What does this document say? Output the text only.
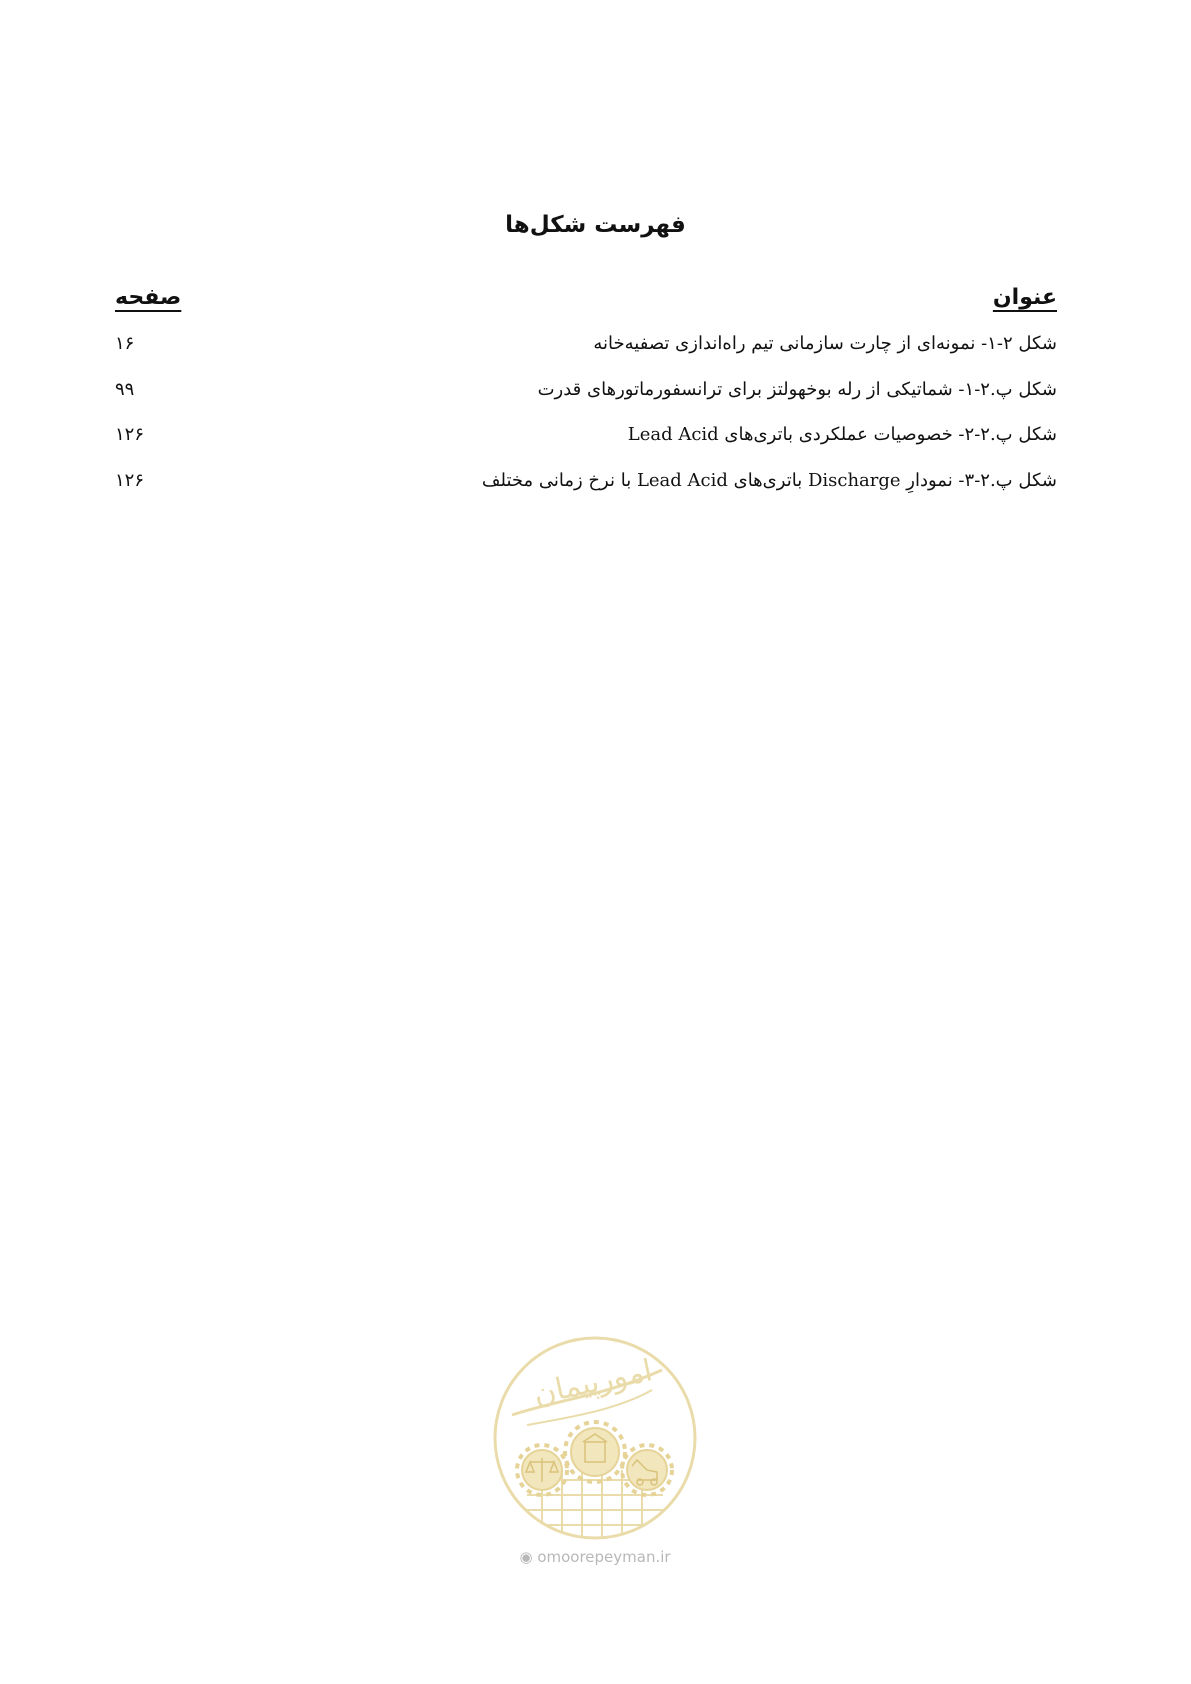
فهرست شکل‌ها
عنوان
صفحه
شکل ۲-۱- نمونه‌ای از چارت سازمانی تیم راه‌اندازی تصفیه‌خانه
۱۶
شکل پ.۲-۱- شماتیکی از رله بوخهولتز برای ترانسفورماتورهای قدرت
۹۹
شکل پ.۲-۲- خصوصیات عملکردی باتری‌های Lead Acid
۱۲۶
شکل پ.۲-۳- نمودارِ Discharge باتری‌های Lead Acid با نرخ زمانی مختلف
۱۲۶
امورپیمان
◉ omoorepeyman.ir
